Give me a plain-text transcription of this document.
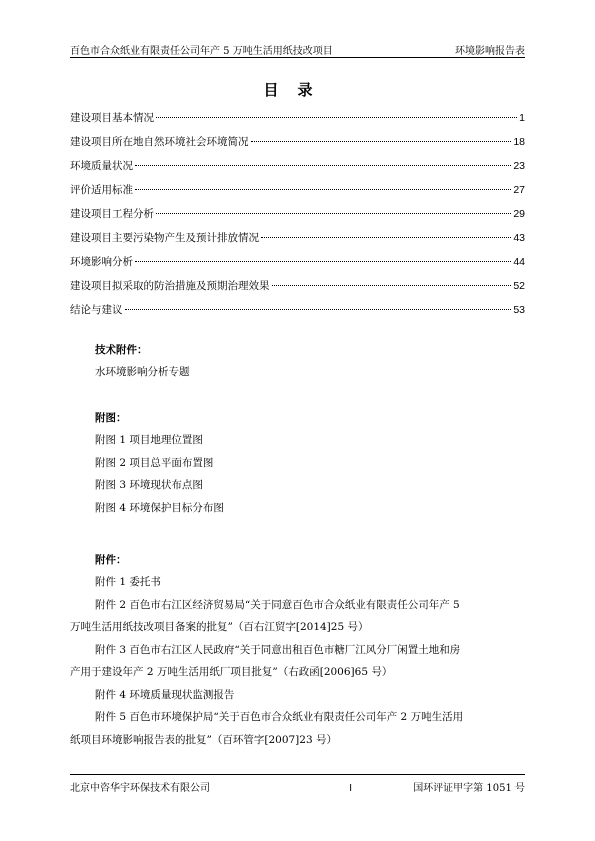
百色市合众纸业有限责任公司年产 5 万吨生活用纸技改项目	环境影响报告表
目录
建设项目基本情况	1
建设项目所在地自然环境社会环境简况	18
环境质量状况	23
评价适用标准	27
建设项目工程分析	29
建设项目主要污染物产生及预计排放情况	43
环境影响分析	44
建设项目拟采取的防治措施及预期治理效果	52
结论与建议	53
技术附件：
水环境影响分析专题
附图：
附图 1 项目地理位置图
附图 2 项目总平面布置图
附图 3 环境现状布点图
附图 4 环境保护目标分布图
附件：
附件 1 委托书
附件 2 百色市右江区经济贸易局“关于同意百色市合众纸业有限责任公司年产 5
万吨生活用纸技改项目备案的批复”（百右江贸字[2014]25 号）
附件 3 百色市右江区人民政府“关于同意出租百色市糖厂江风分厂闲置土地和房
产用于建设年产 2 万吨生活用纸厂项目批复”（右政函[2006]65 号）
附件 4 环境质量现状监测报告
附件 5 百色市环境保护局“关于百色市合众纸业有限责任公司年产 2 万吨生活用
纸项目环境影响报告表的批复”（百环管字[2007]23 号）
北京中咨华宇环保技术有限公司	I	国环评证甲字第 1051 号
